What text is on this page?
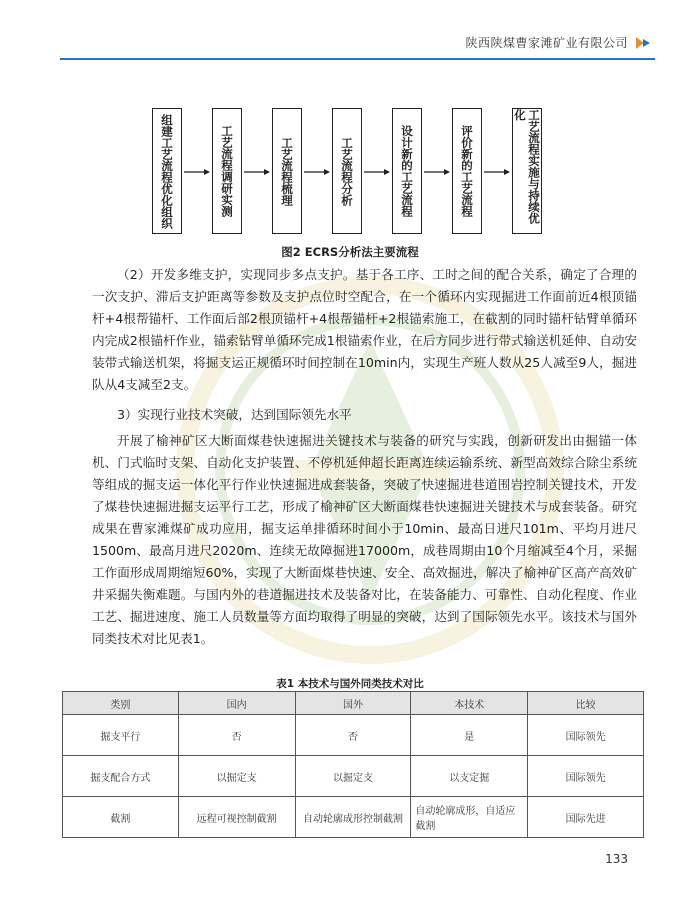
陕西陕煤曹家滩矿业有限公司
组建工艺流程优化组织	工艺流程调研实测	工艺流程梳理	工艺流程分析	设计新的工艺流程	评价新的工艺流程	工艺流程实施与持续优化
图2 ECRS分析法主要流程

（2）开发多维支护，实现同步多点支护。基于各工序、工时之间的配合关系，确定了合理的一次支护、滞后支护距离等参数及支护点位时空配合，在一个循环内实现掘进工作面前近4根顶锚杆+4根帮锚杆、工作面后部2根顶锚杆+4根帮锚杆+2根锚索施工，在截割的同时锚杆钻臂单循环内完成2根锚杆作业，锚索钻臂单循环完成1根锚索作业，在后方同步进行带式输送机延伸、自动安装带式输送机架，将掘支运正规循环时间控制在10min内，实现生产班人数从25人减至9人，掘进队从4支减至2支。

3）实现行业技术突破，达到国际领先水平

开展了榆神矿区大断面煤巷快速掘进关键技术与装备的研究与实践，创新研发出由掘锚一体机、门式临时支架、自动化支护装置、不停机延伸超长距离连续运输系统、新型高效综合除尘系统等组成的掘支运一体化平行作业快速掘进成套装备，突破了快速掘进巷道围岩控制关键技术，开发了煤巷快速掘进掘支运平行工艺，形成了榆神矿区大断面煤巷快速掘进关键技术与成套装备。研究成果在曹家滩煤矿成功应用，掘支运单排循环时间小于10min、最高日进尺101m、平均月进尺1500m、最高月进尺2020m、连续无故障掘进17000m，成巷周期由10个月缩减至4个月，采掘工作面形成周期缩短60%，实现了大断面煤巷快速、安全、高效掘进，解决了榆神矿区高产高效矿井采掘失衡难题。与国内外的巷道掘进技术及装备对比，在装备能力、可靠性、自动化程度、作业工艺、掘进速度、施工人员数量等方面均取得了明显的突破，达到了国际领先水平。该技术与国外同类技术对比见表1。

表1 本技术与国外同类技术对比
类别	国内	国外	本技术	比较
掘支平行	否	否	是	国际领先
掘支配合方式	以掘定支	以掘定支	以支定掘	国际领先
截割	远程可视控制截割	自动轮廓成形控制截割	自动轮廓成形，自适应截割	国际先进
133
